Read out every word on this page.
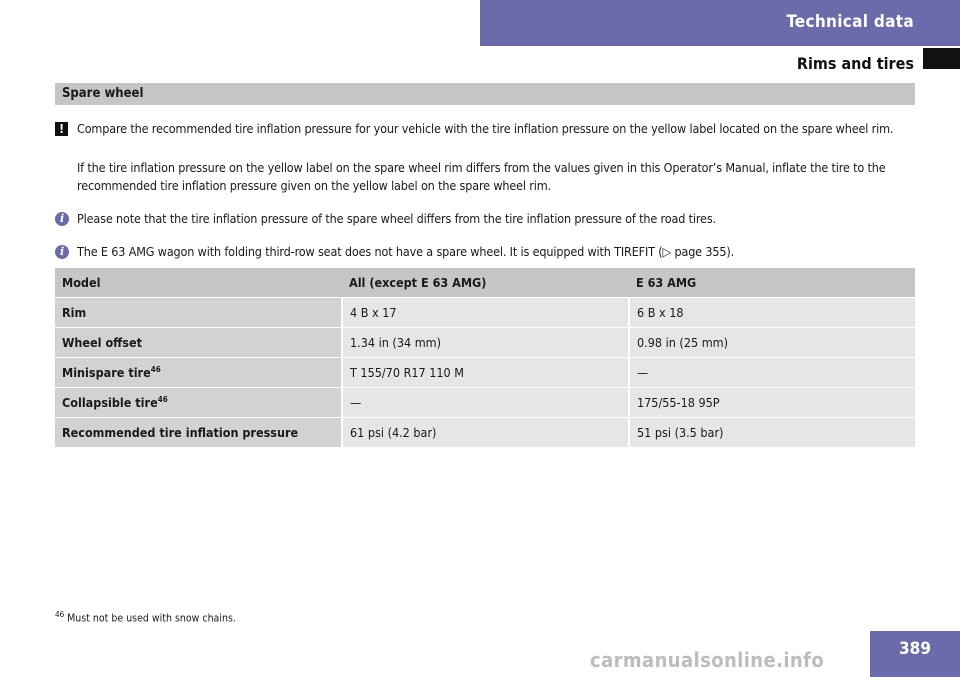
Technical data
Rims and tires
Spare wheel
!	Compare the recommended tire inflation pressure for your vehicle with the tire inflation pressure on the yellow label located on the spare wheel rim.
If the tire inflation pressure on the yellow label on the spare wheel rim differs from the values given in this Operator’s Manual, inflate the tire to the recommended tire inflation pressure given on the yellow label on the spare wheel rim.
i	Please note that the tire inflation pressure of the spare wheel differs from the tire inflation pressure of the road tires.
i	The E 63 AMG wagon with folding third-row seat does not have a spare wheel. It is equipped with TIREFIT (▷ page 355).
Model	All (except E 63 AMG)	E 63 AMG
Rim	4 B x 17	6 B x 18
Wheel offset	1.34 in (34 mm)	0.98 in (25 mm)
Minispare tire$^{46}$	T 155/70 R17 110 M	—
Collapsible tire$^{46}$	—	175/55-18 95P
Recommended tire inflation pressure	61 psi (4.2 bar)	51 psi (3.5 bar)
$^{46}$ Must not be used with snow chains.
389
carmanualsonline.info
